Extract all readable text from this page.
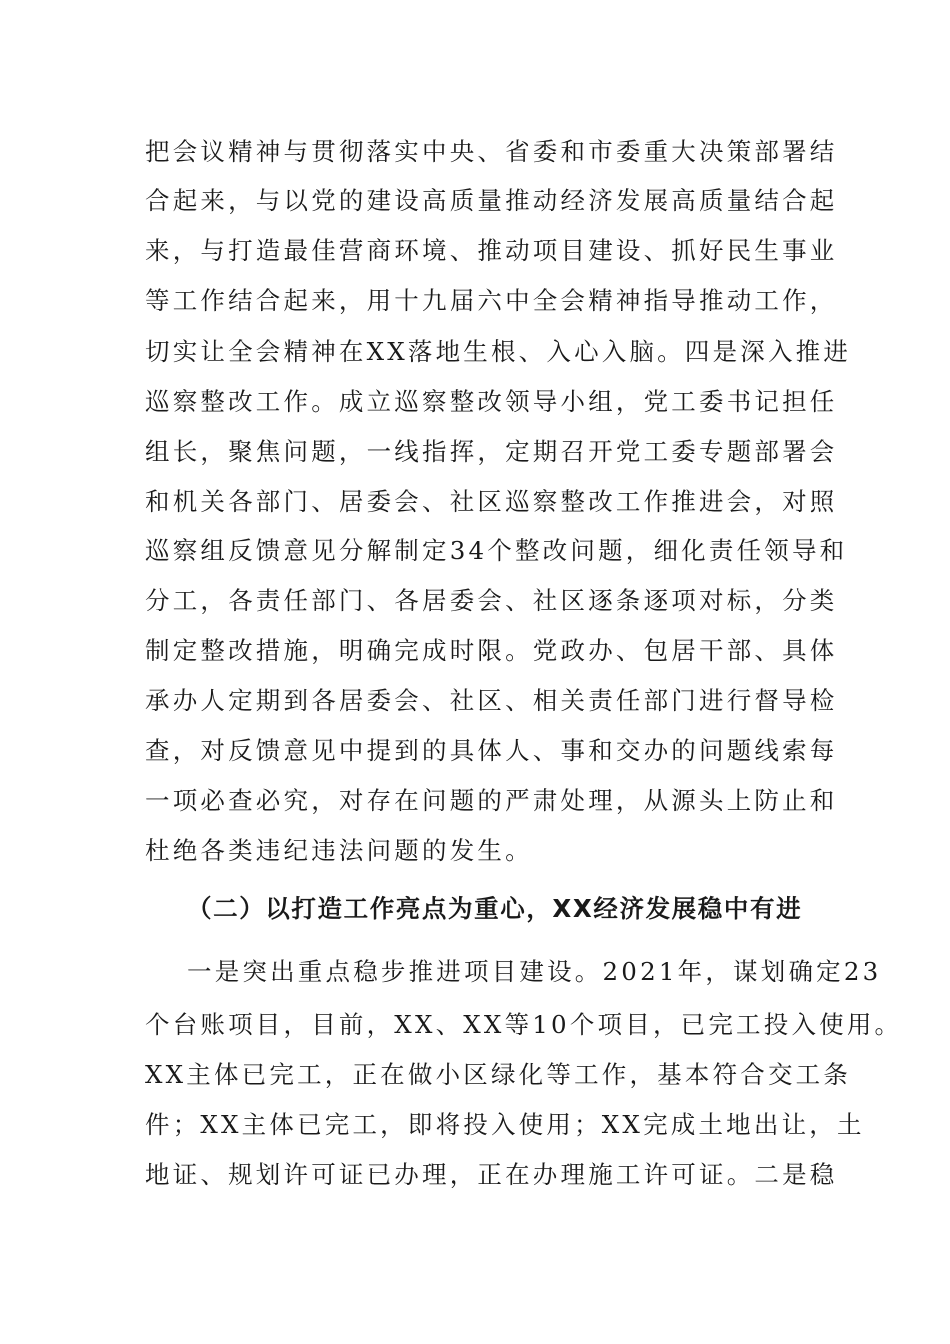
把会议精神与贯彻落实中央、省委和市委重大决策部署结
合起来，与以党的建设高质量推动经济发展高质量结合起
来，与打造最佳营商环境、推动项目建设、抓好民生事业
等工作结合起来，用十九届六中全会精神指导推动工作，
切实让全会精神在XX落地生根、入心入脑。四是深入推进
巡察整改工作。成立巡察整改领导小组，党工委书记担任
组长，聚焦问题，一线指挥，定期召开党工委专题部署会
和机关各部门、居委会、社区巡察整改工作推进会，对照
巡察组反馈意见分解制定34个整改问题，细化责任领导和
分工，各责任部门、各居委会、社区逐条逐项对标，分类
制定整改措施，明确完成时限。党政办、包居干部、具体
承办人定期到各居委会、社区、相关责任部门进行督导检
查，对反馈意见中提到的具体人、事和交办的问题线索每
一项必查必究，对存在问题的严肃处理，从源头上防止和
杜绝各类违纪违法问题的发生。
（二）以打造工作亮点为重心，XX经济发展稳中有进
一是突出重点稳步推进项目建设。2021年，谋划确定23
个台账项目，目前，XX、XX等10个项目，已完工投入使用。
XX主体已完工，正在做小区绿化等工作，基本符合交工条
件；XX主体已完工，即将投入使用；XX完成土地出让，土
地证、规划许可证已办理，正在办理施工许可证。二是稳
